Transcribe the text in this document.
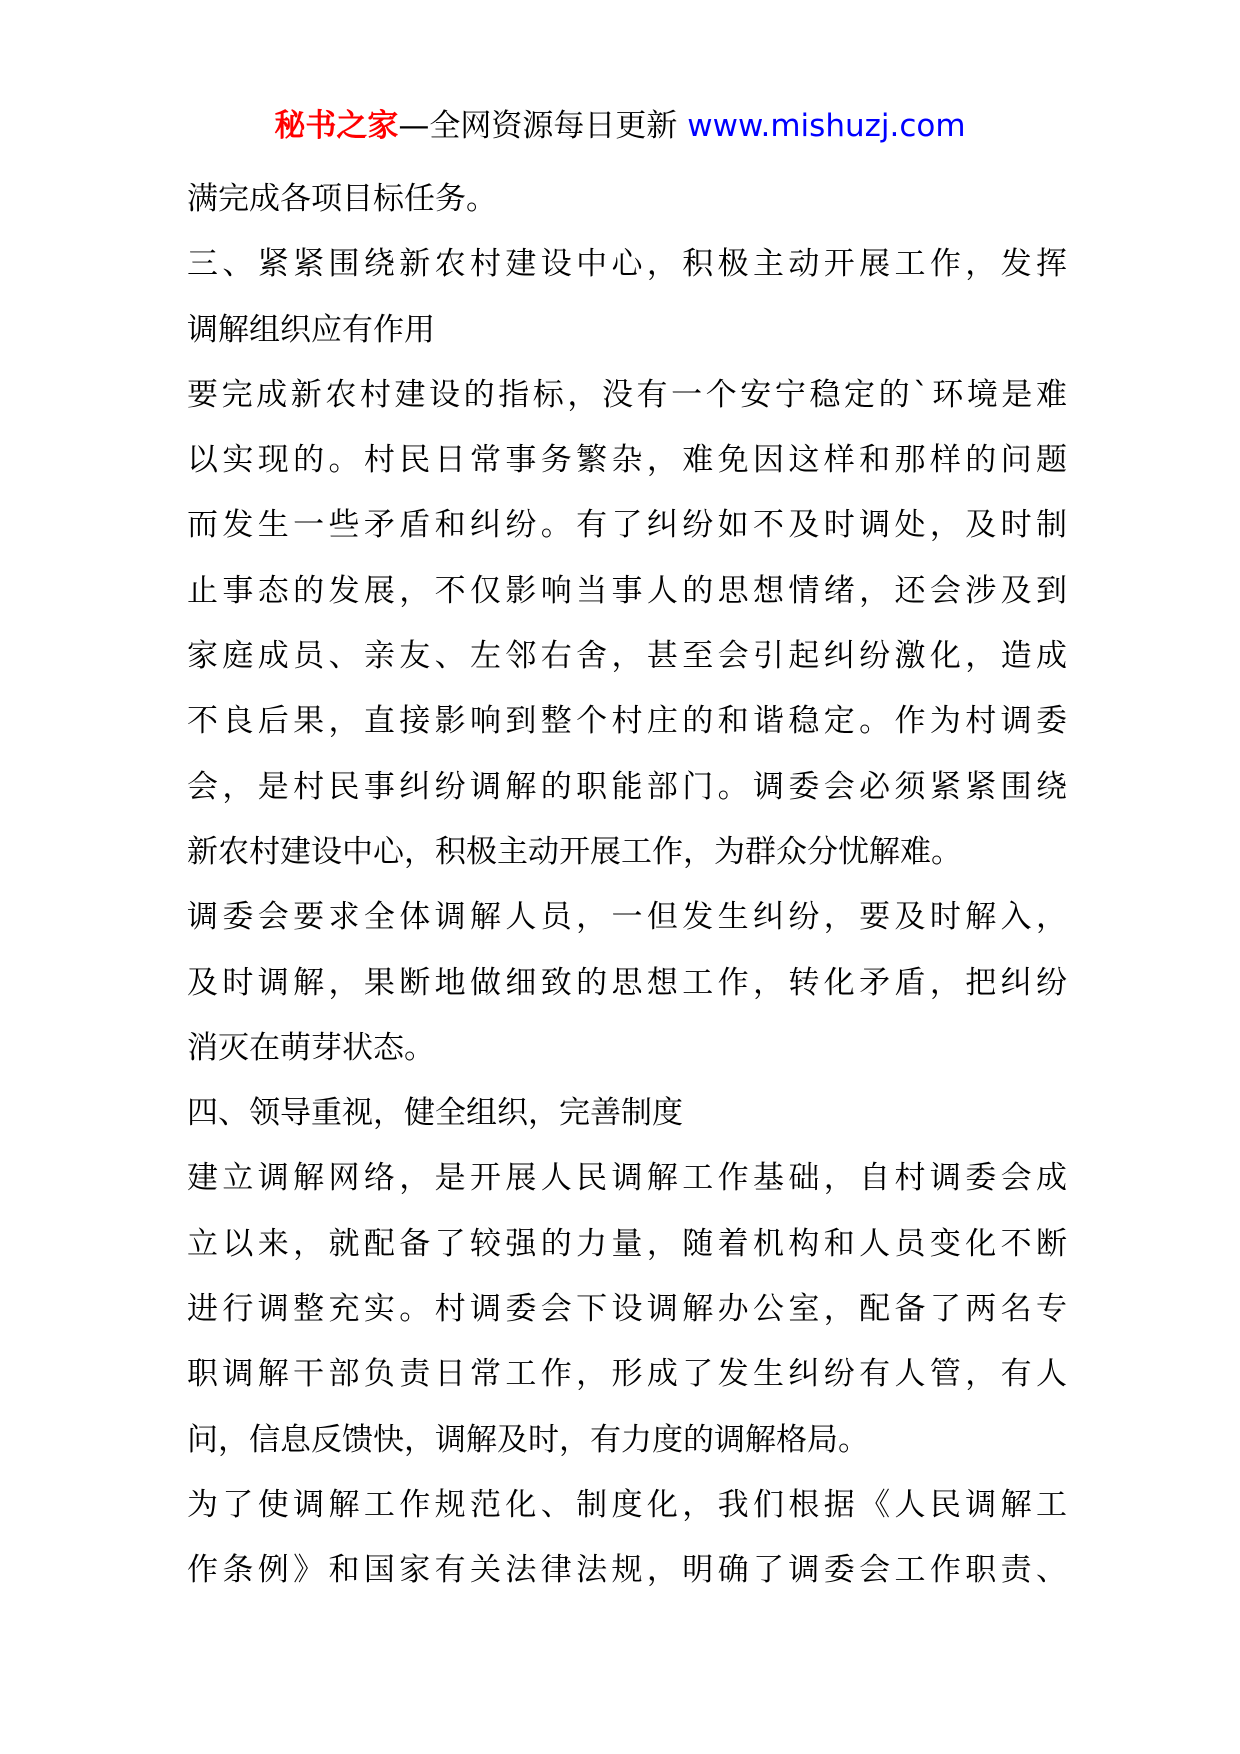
秘书之家—全网资源每日更新 www.mishuzj.com
满完成各项目标任务。
三、紧紧围绕新农村建设中心，积极主动开展工作，发挥
调解组织应有作用
要完成新农村建设的指标，没有一个安宁稳定的`环境是难
以实现的。村民日常事务繁杂，难免因这样和那样的问题
而发生一些矛盾和纠纷。有了纠纷如不及时调处，及时制
止事态的发展，不仅影响当事人的思想情绪，还会涉及到
家庭成员、亲友、左邻右舍，甚至会引起纠纷激化，造成
不良后果，直接影响到整个村庄的和谐稳定。作为村调委
会，是村民事纠纷调解的职能部门。调委会必须紧紧围绕
新农村建设中心，积极主动开展工作，为群众分忧解难。
调委会要求全体调解人员，一但发生纠纷，要及时解入，
及时调解，果断地做细致的思想工作，转化矛盾，把纠纷
消灭在萌芽状态。
四、领导重视，健全组织，完善制度
建立调解网络，是开展人民调解工作基础，自村调委会成
立以来，就配备了较强的力量，随着机构和人员变化不断
进行调整充实。村调委会下设调解办公室，配备了两名专
职调解干部负责日常工作，形成了发生纠纷有人管，有人
问，信息反馈快，调解及时，有力度的调解格局。
为了使调解工作规范化、制度化，我们根据《人民调解工
作条例》和国家有关法律法规，明确了调委会工作职责、
